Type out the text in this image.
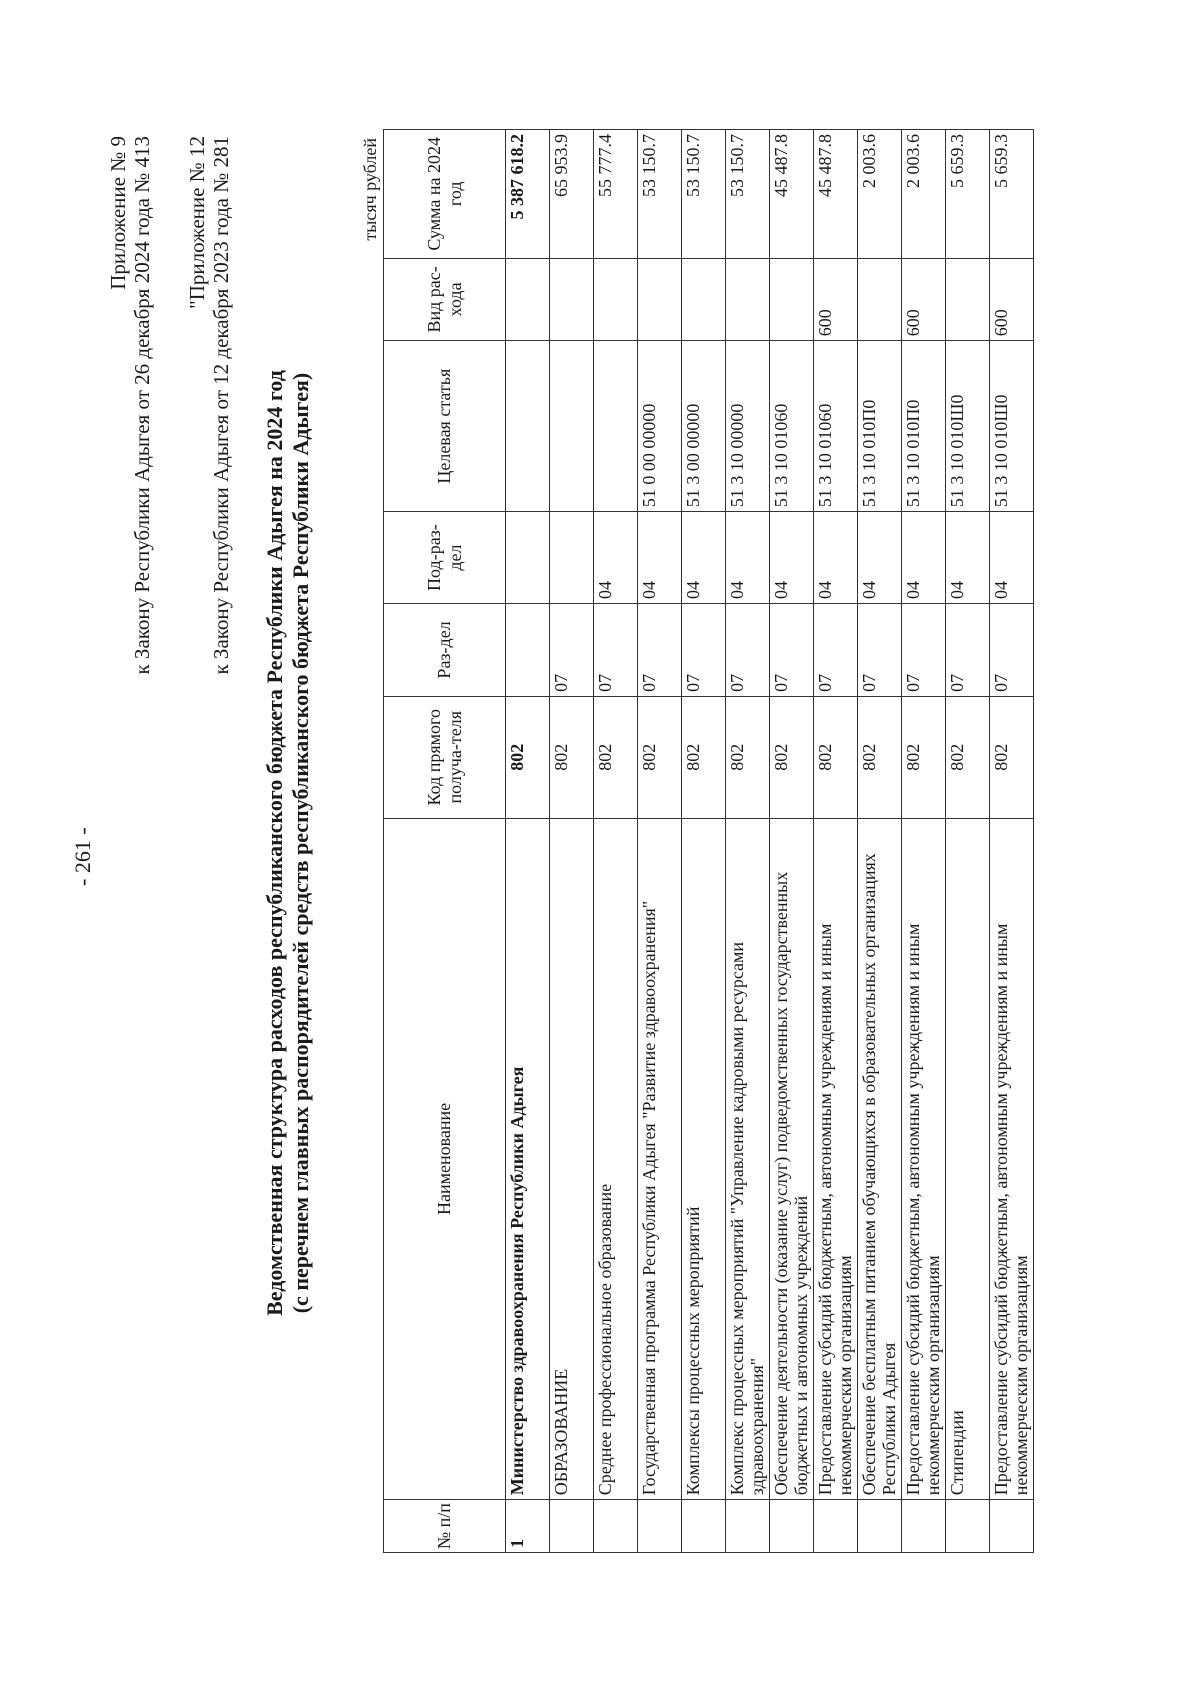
- 261 -
Приложение № 9 к Закону Республики Адыгея от 26 декабря 2024 года № 413 "Приложение № 12 к Закону Республики Адыгея от 12 декабря 2023 года № 281 Ведомственная структура расходов республиканского бюджета Республики Адыгея на 2024 год (с перечнем главных распорядителей средств республиканского бюджета Республики Адыгея)
тысяч рублей
№ п/п	Наименование	Код прямого получа-теля	Раз-дел	Под-раз-дел	Целевая статья	Вид рас-хода	Сумма на 2024 год
1	Министерство здравоохранения Республики Адыгея	802					5 387 618.2
	ОБРАЗОВАНИЕ	802	07				65 953.9
	Среднее профессиональное образование	802	07	04			55 777.4
	Государственная программа Республики Адыгея "Развитие здравоохранения"	802	07	04	51 0 00 00000		53 150.7
	Комплексы процессных мероприятий	802	07	04	51 3 00 00000		53 150.7
	Комплекс процессных мероприятий "Управление кадровыми ресурсами здравоохранения"	802	07	04	51 3 10 00000		53 150.7
	Обеспечение деятельности (оказание услуг) подведомственных государственных бюджетных и автономных учреждений	802	07	04	51 3 10 01060		45 487.8
	Предоставление субсидий бюджетным, автономным учреждениям и иным некоммерческим организациям	802	07	04	51 3 10 01060	600	45 487.8
	Обеспечение бесплатным питанием обучающихся в образовательных организациях Республики Адыгея	802	07	04	51 3 10 010П0		2 003.6
	Предоставление субсидий бюджетным, автономным учреждениям и иным некоммерческим организациям	802	07	04	51 3 10 010П0	600	2 003.6
	Стипендии	802	07	04	51 3 10 010Ш0		5 659.3
	Предоставление субсидий бюджетным, автономным учреждениям и иным некоммерческим организациям	802	07	04	51 3 10 010Ш0	600	5 659.3
